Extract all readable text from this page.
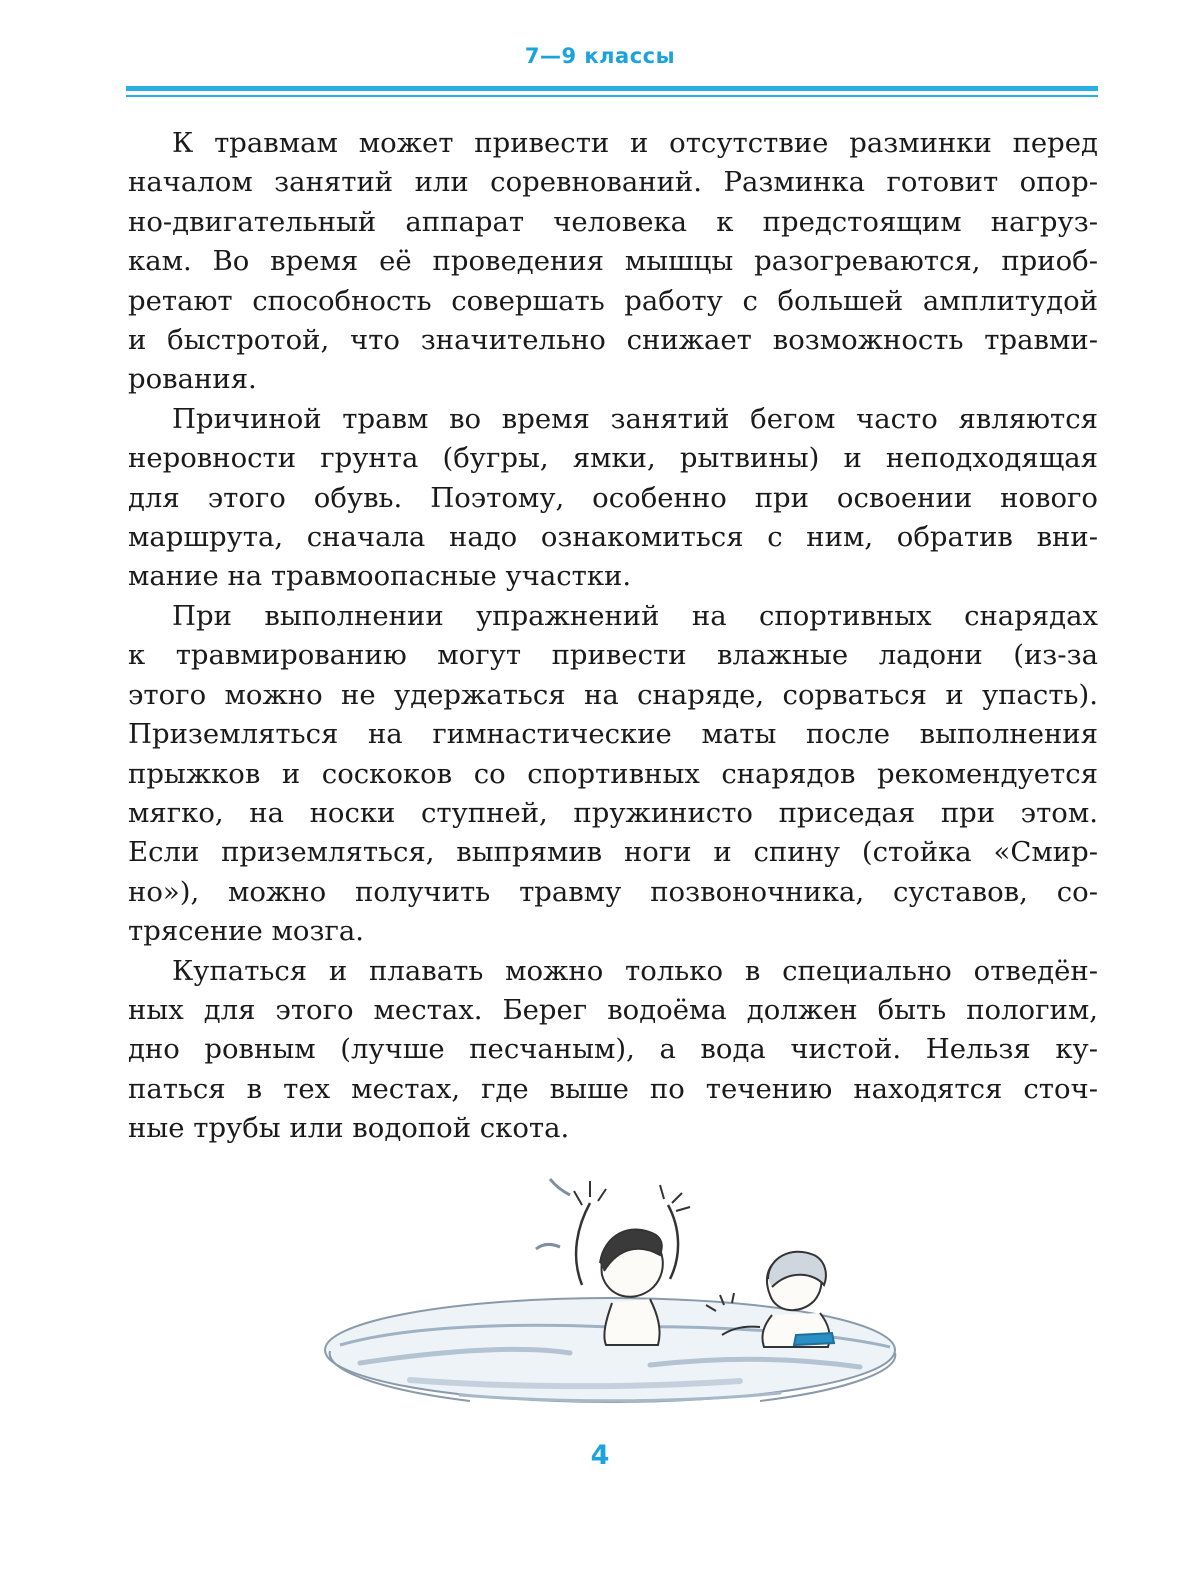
7—9 классы

К травмам может привести и отсутствие разминки перед
началом занятий или соревнований. Разминка готовит опор-
но-двигательный аппарат человека к предстоящим нагруз-
кам. Во время её проведения мышцы разогреваются, приоб-
ретают способность совершать работу с большей амплитудой
и быстротой, что значительно снижает возможность травми-
рования.

Причиной травм во время занятий бегом часто являются
неровности грунта (бугры, ямки, рытвины) и неподходящая
для этого обувь. Поэтому, особенно при освоении нового
маршрута, сначала надо ознакомиться с ним, обратив вни-
мание на травмоопасные участки.

При выполнении упражнений на спортивных снарядах
к травмированию могут привести влажные ладони (из-за
этого можно не удержаться на снаряде, сорваться и упасть).
Приземляться на гимнастические маты после выполнения
прыжков и соскоков со спортивных снарядов рекомендуется
мягко, на носки ступней, пружинисто приседая при этом.
Если приземляться, выпрямив ноги и спину (стойка «Смир-
но»), можно получить травму позвоночника, суставов, со-
трясение мозга.

Купаться и плавать можно только в специально отведён-
ных для этого местах. Берег водоёма должен быть пологим,
дно ровным (лучше песчаным), а вода чистой. Нельзя ку-
паться в тех местах, где выше по течению находятся сточ-
ные трубы или водопой скота.

4
